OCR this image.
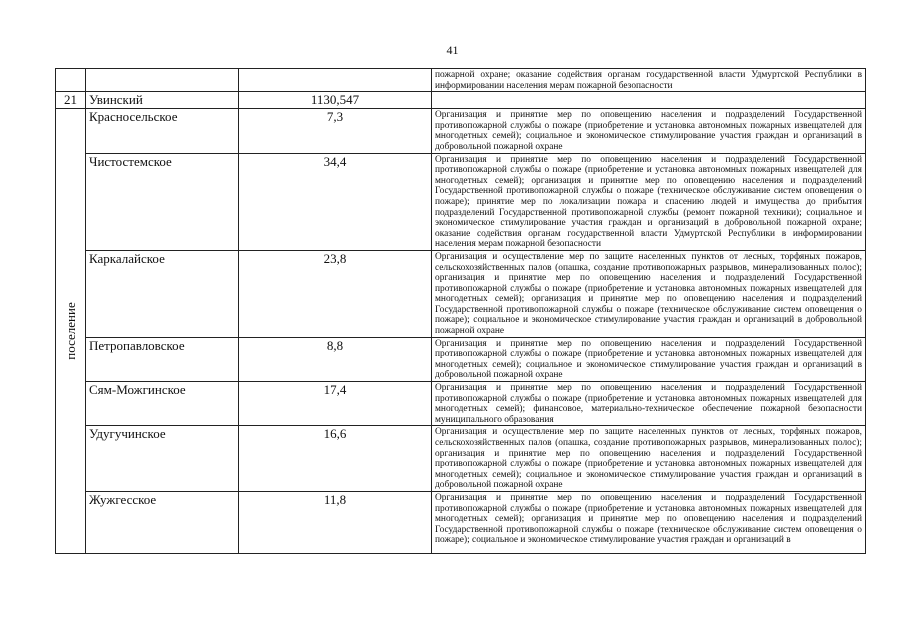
41
			пожарной охране; оказание содействия органам государственной власти Удмуртской Республики в информировании населения мерам пожарной безопасности
21	Увинский	1130,547	

поселение	Красносельское	7,3	Организация и принятие мер по оповещению населения и подразделений Государственной противопожарной службы о пожаре (приобретение и установка автономных пожарных извещателей для многодетных семей); социальное и экономическое стимулирование участия граждан и организаций в добровольной пожарной охране
	Чистостемское	34,4	Организация и принятие мер по оповещению населения и подразделений Государственной противопожарной службы о пожаре (приобретение и установка автономных пожарных извещателей для многодетных семей); организация и принятие мер по оповещению населения и подразделений Государственной противопожарной службы о пожаре (техническое обслуживание систем оповещения о пожаре); принятие мер по локализации пожара и спасению людей и имущества до прибытия подразделений Государственной противопожарной службы (ремонт пожарной техники); социальное и экономическое стимулирование участия граждан и организаций в добровольной пожарной охране; оказание содействия органам государственной власти Удмуртской Республики в информировании населения мерам пожарной безопасности
	Каркалайское	23,8	Организация и осуществление мер по защите населенных пунктов от лесных, торфяных пожаров, сельскохозяйственных палов (опашка, создание противопожарных разрывов, минерализованных полос); организация и принятие мер по оповещению населения и подразделений Государственной противопожарной службы о пожаре (приобретение и установка автономных пожарных извещателей для многодетных семей); организация и принятие мер по оповещению населения и подразделений Государственной противопожарной службы о пожаре (техническое обслуживание систем оповещения о пожаре); социальное и экономическое стимулирование участия граждан и организаций в добровольной пожарной охране
	Петропавловское	8,8	Организация и принятие мер по оповещению населения и подразделений Государственной противопожарной службы о пожаре (приобретение и установка автономных пожарных извещателей для многодетных семей); социальное и экономическое стимулирование участия граждан и организаций в добровольной пожарной охране
	Сям-Можгинское	17,4	Организация и принятие мер по оповещению населения и подразделений Государственной противопожарной службы о пожаре (приобретение и установка автономных пожарных извещателей для многодетных семей); финансовое, материально-техническое обеспечение пожарной безопасности муниципального образования
	Удугучинское	16,6	Организация и осуществление мер по защите населенных пунктов от лесных, торфяных пожаров, сельскохозяйственных палов (опашка, создание противопожарных разрывов, минерализованных полос); организация и принятие мер по оповещению населения и подразделений Государственной противопожарной службы о пожаре (приобретение и установка автономных пожарных извещателей для многодетных семей); социальное и экономическое стимулирование участия граждан и организаций в добровольной пожарной охране
	Жужгесское	11,8	Организация и принятие мер по оповещению населения и подразделений Государственной противопожарной службы о пожаре (приобретение и установка автономных пожарных извещателей для многодетных семей); организация и принятие мер по оповещению населения и подразделений Государственной противопожарной службы о пожаре (техническое обслуживание систем оповещения о пожаре); социальное и экономическое стимулирование участия граждан и организаций в
